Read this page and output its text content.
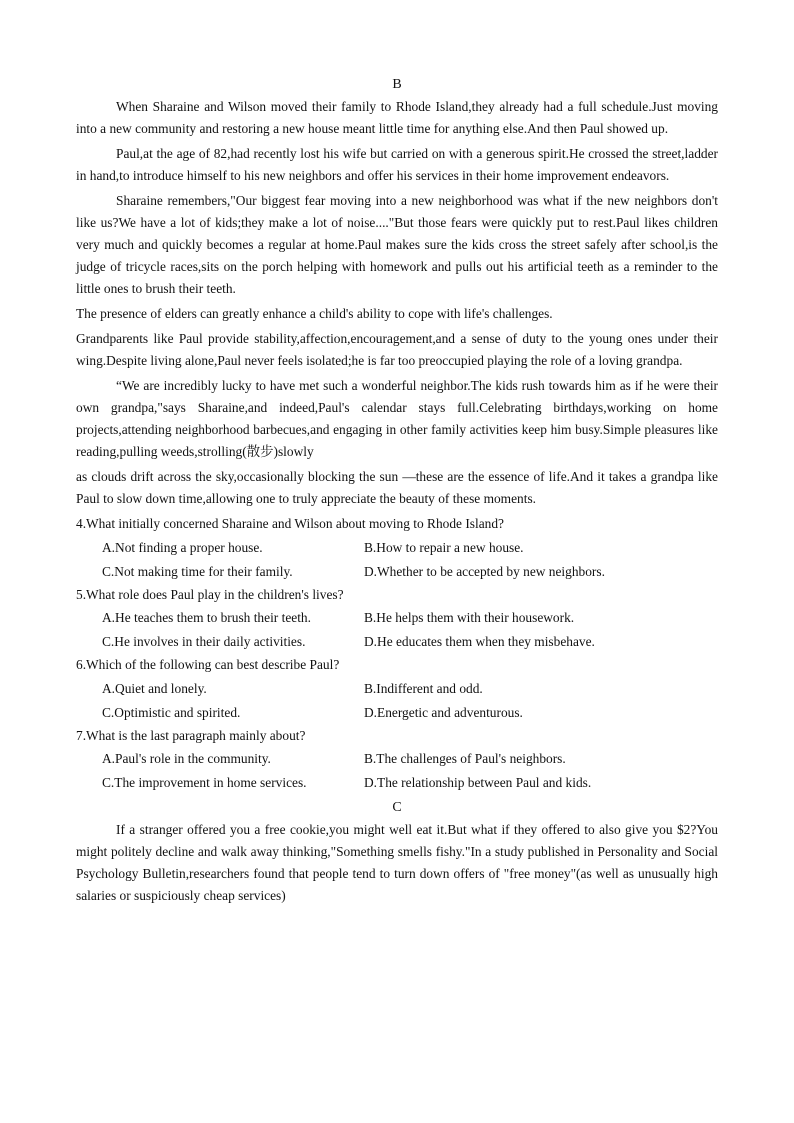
B

When Sharaine and Wilson moved their family to Rhode Island,they already had a full schedule.Just moving into a new community and restoring a new house meant little time for anything else.And then Paul showed up.

Paul,at the age of 82,had recently lost his wife but carried on with a generous spirit.He crossed the street,ladder in hand,to introduce himself to his new neighbors and offer his services in their home improvement endeavors.

Sharaine remembers,"Our biggest fear moving into a new neighborhood was what if the new neighbors don't like us?We have a lot of kids;they make a lot of noise...."But those fears were quickly put to rest.Paul likes children very much and quickly becomes a regular at home.Paul makes sure the kids cross the street safely after school,is the judge of tricycle races,sits on the porch helping with homework and pulls out his artificial teeth as a reminder to the little ones to brush their teeth.

The presence of elders can greatly enhance a child's ability to cope with life's challenges.

Grandparents like Paul provide stability,affection,encouragement,and a sense of duty to the young ones under their wing.Despite living alone,Paul never feels isolated;he is far too preoccupied playing the role of a loving grandpa.

“We are incredibly lucky to have met such a wonderful neighbor.The kids rush towards him as if he were their own grandpa,"says Sharaine,and indeed,Paul's calendar stays full.Celebrating birthdays,working on home projects,attending neighborhood barbecues,and engaging in other family activities keep him busy.Simple pleasures like reading,pulling weeds,strolling(散步)slowly

as clouds drift across the sky,occasionally blocking the sun —these are the essence of life.And it takes a grandpa like Paul to slow down time,allowing one to truly appreciate the beauty of these moments.

4.What initially concerned Sharaine and Wilson about moving to Rhode Island?

A.Not finding a proper house.	B.How to repair a new house.
C.Not making time for their family.	D.Whether to be accepted by new neighbors.

5.What role does Paul play in the children's lives?

A.He teaches them to brush their teeth.	B.He helps them with their housework.
C.He involves in their daily activities.	D.He educates them when they misbehave.

6.Which of the following can best describe Paul?

A.Quiet and lonely.	B.Indifferent and odd.
C.Optimistic and spirited.	D.Energetic and adventurous.

7.What is the last paragraph mainly about?

A.Paul's role in the community.	B.The challenges of Paul's neighbors.
C.The improvement in home services.	D.The relationship between Paul and kids.
C

If a stranger offered you a free cookie,you might well eat it.But what if they offered to also give you $2?You might politely decline and walk away thinking,"Something smells fishy."In a study published in Personality and Social Psychology Bulletin,researchers found that people tend to turn down offers of "free money"(as well as unusually high salaries or suspiciously cheap services)
